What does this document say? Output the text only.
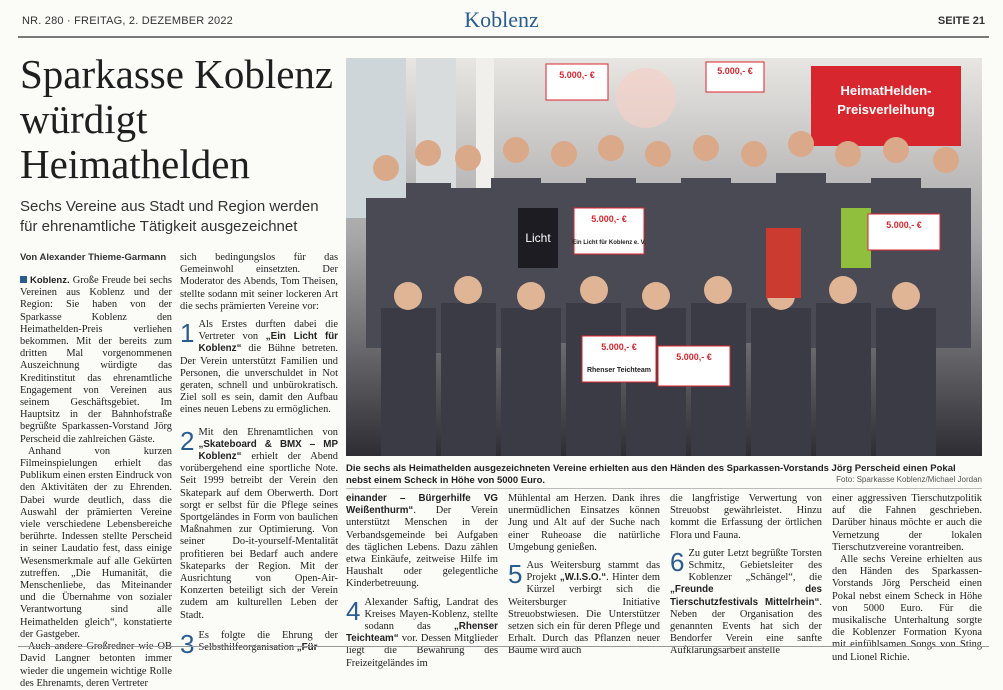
NR. 280 · FREITAG, 2. DEZEMBER 2022	Koblenz	SEITE 21
Sparkasse Koblenz würdigt Heimathelden
Sechs Vereine aus Stadt und Region werden für ehrenamtliche Tätigkeit ausgezeichnet
Von Alexander Thieme-Garmann

Koblenz. Große Freude bei sechs Vereinen aus Koblenz und der Region: Sie haben von der Sparkasse Koblenz den Heimathelden-Preis verliehen bekommen. Mit der bereits zum dritten Mal vorgenommenen Auszeichnung würdigte das Kreditinstitut das ehrenamtliche Engagement von Vereinen aus seinem Geschäftsgebiet. Im Hauptsitz in der Bahnhofstraße begrüßte Sparkassen-Vorstand Jörg Perscheid die zahlreichen Gäste.

Anhand von kurzen Filmeinspielungen erhielt das Publikum einen ersten Eindruck von den Aktivitäten der zu Ehrenden. Dabei wurde deutlich, dass die Auswahl der prämierten Vereine viele verschiedene Lebensbereiche berührte. Indessen stellte Perscheid in seiner Laudatio fest, dass einige Wesensmerkmale auf alle Gekürten zutreffen. „Die Humanität, die Menschenliebe, das Miteinander und die Übernahme von sozialer Verantwortung sind alle Heimathelden gleich“, konstatierte der Gastgeber.

Auch andere Großredner wie OB David Langner betonten immer wieder die ungemein wichtige Rolle des Ehrenamts, deren Vertreter

sich bedingungslos für das Gemeinwohl einsetzten. Der Moderator des Abends, Tom Theisen, stellte sodann mit seiner lockeren Art die sechs prämierten Vereine vor:

1 Als Erstes durften dabei die Vertreter von „Ein Licht für Koblenz“ die Bühne betreten. Der Verein unterstützt Familien und Personen, die unverschuldet in Not geraten, schnell und unbürokratisch. Ziel soll es sein, damit den Aufbau eines neuen Lebens zu ermöglichen.

2 Mit den Ehrenamtlichen von „Skateboard & BMX – MP Koblenz“ erhielt der Abend vorübergehend eine sportliche Note. Seit 1999 betreibt der Verein den Skatepark auf dem Oberwerth. Dort sorgt er selbst für die Pflege seines Sportgeländes in Form von baulichen Maßnahmen zur Optimierung. Von seiner Do-it-yourself-Mentalität profitieren bei Bedarf auch andere Skateparks der Region. Mit der Ausrichtung von Open-Air-Konzerten beteiligt sich der Verein zudem am kulturellen Leben der Stadt.

3 Es folgte die Ehrung der Selbsthilfeorganisation „Für

HeimatHelden-
Preisverleihung
Licht
5.000,- €	5.000,- €
5.000,- €
Ein Licht für Koblenz e. V.
5.000,- €
5.000,- €
Rhenser Teichteam
5.000,- €
Die sechs als Heimathelden ausgezeichneten Vereine erhielten aus den Händen des Sparkassen-Vorstands Jörg Perscheid einen Pokal nebst einem Scheck in Höhe von 5000 Euro.	Foto: Sparkasse Koblenz/Michael Jordan

einander – Bürgerhilfe VG Weißenthurm“. Der Verein unterstützt Menschen in der Verbandsgemeinde bei Aufgaben des täglichen Lebens. Dazu zählen etwa Einkäufe, zeitweise Hilfe im Haushalt oder gelegentliche Kinderbetreuung.

4 Alexander Saftig, Landrat des Kreises Mayen-Koblenz, stellte sodann das „Rhenser Teichteam“ vor. Dessen Mitglieder liegt die Bewahrung des Freizeitgeländes im

Mühlental am Herzen. Dank ihres unermüdlichen Einsatzes können Jung und Alt auf der Suche nach einer Ruheoase die natürliche Umgebung genießen.

5 Aus Weitersburg stammt das Projekt „W.I.S.O.“. Hinter dem Kürzel verbirgt sich die Weitersburger Initiative Streuobstwiesen. Die Unterstützer setzen sich ein für deren Pflege und Erhalt. Durch das Pflanzen neuer Bäume wird auch

die langfristige Verwertung von Streuobst gewährleistet. Hinzu kommt die Erfassung der örtlichen Flora und Fauna.

6 Zu guter Letzt begrüßte Torsten Schmitz, Gebietsleiter des Koblenzer „Schängel“, die „Freunde des Tierschutzfestivals Mittelrhein“. Neben der Organisation des genannten Events hat sich der Bendorfer Verein eine sanfte Aufklärungsarbeit anstelle

einer aggressiven Tierschutzpolitik auf die Fahnen geschrieben. Darüber hinaus möchte er auch die Vernetzung der lokalen Tierschutzvereine vorantreiben.

Alle sechs Vereine erhielten aus den Händen des Sparkassen-Vorstands Jörg Perscheid einen Pokal nebst einem Scheck in Höhe von 5000 Euro. Für die musikalische Unterhaltung sorgte die Koblenzer Formation Kyona mit einfühlsamen Songs von Sting und Lionel Richie.
